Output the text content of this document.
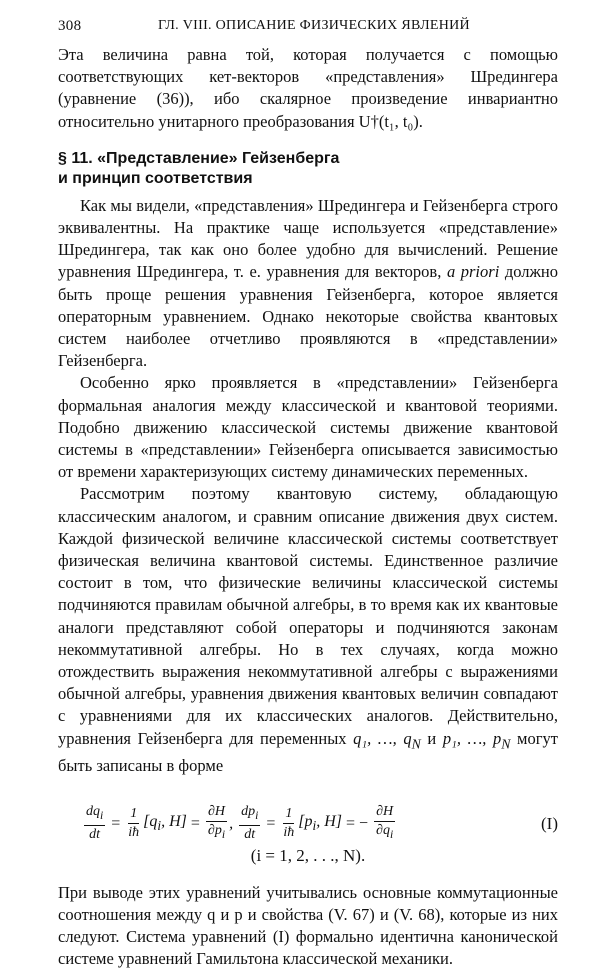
308	ГЛ. VIII. ОПИСАНИЕ ФИЗИЧЕСКИХ ЯВЛЕНИЙ

Эта величина равна той, которая получается с помощью соответствующих кет-векторов «представления» Шредингера (уравнение (36)), ибо скалярное произведение инвариантно относительно унитарного преобразования U†(t₁, t₀).

§ 11. «Представление» Гейзенберга
и принцип соответствия

Как мы видели, «представления» Шредингера и Гейзенберга строго эквивалентны. На практике чаще используется «представление» Шредингера, так как оно более удобно для вычислений. Решение уравнения Шредингера, т. е. уравнения для векторов, a priori должно быть проще решения уравнения Гейзенберга, которое является операторным уравнением. Однако некоторые свойства квантовых систем наиболее отчетливо проявляются в «представлении» Гейзенберга.

Особенно ярко проявляется в «представлении» Гейзенберга формальная аналогия между классической и квантовой теориями. Подобно движению классической системы движение квантовой системы в «представлении» Гейзенберга описывается зависимостью от времени характеризующих систему динамических переменных.

Рассмотрим поэтому квантовую систему, обладающую классическим аналогом, и сравним описание движения двух систем. Каждой физической величине классической системы соответствует физическая величина квантовой системы. Единственное различие состоит в том, что физические величины классической системы подчиняются правилам обычной алгебры, в то время как их квантовые аналоги представляют собой операторы и подчиняются законам некоммутативной алгебры. Но в тех случаях, когда можно отождествить выражения некоммутативной алгебры с выражениями обычной алгебры, уравнения движения квантовых величин совпадают с уравнениями для их классических аналогов. Действительно, уравнения Гейзенберга для переменных q₁, …, $q_N$ и p₁, …, $p_N$ могут быть записаны в форме

$\frac{dq_i}{dt} = \frac{1}{iħ} [q_i$, $H] = \frac{\partial H}{\partial p_i}$ , $\frac{dp_i}{dt} = \frac{1}{iħ} [p_i$, H] = − $\frac{\partial H}{\partial q_i}$	(I)
(i = 1, 2, . . ., N).

При выводе этих уравнений учитывались основные коммутационные соотношения между q и p и свойства (V. 67) и (V. 68), которые из них следуют. Система уравнений (I) формально идентична канонической системе уравнений Гамильтона классической механики.
